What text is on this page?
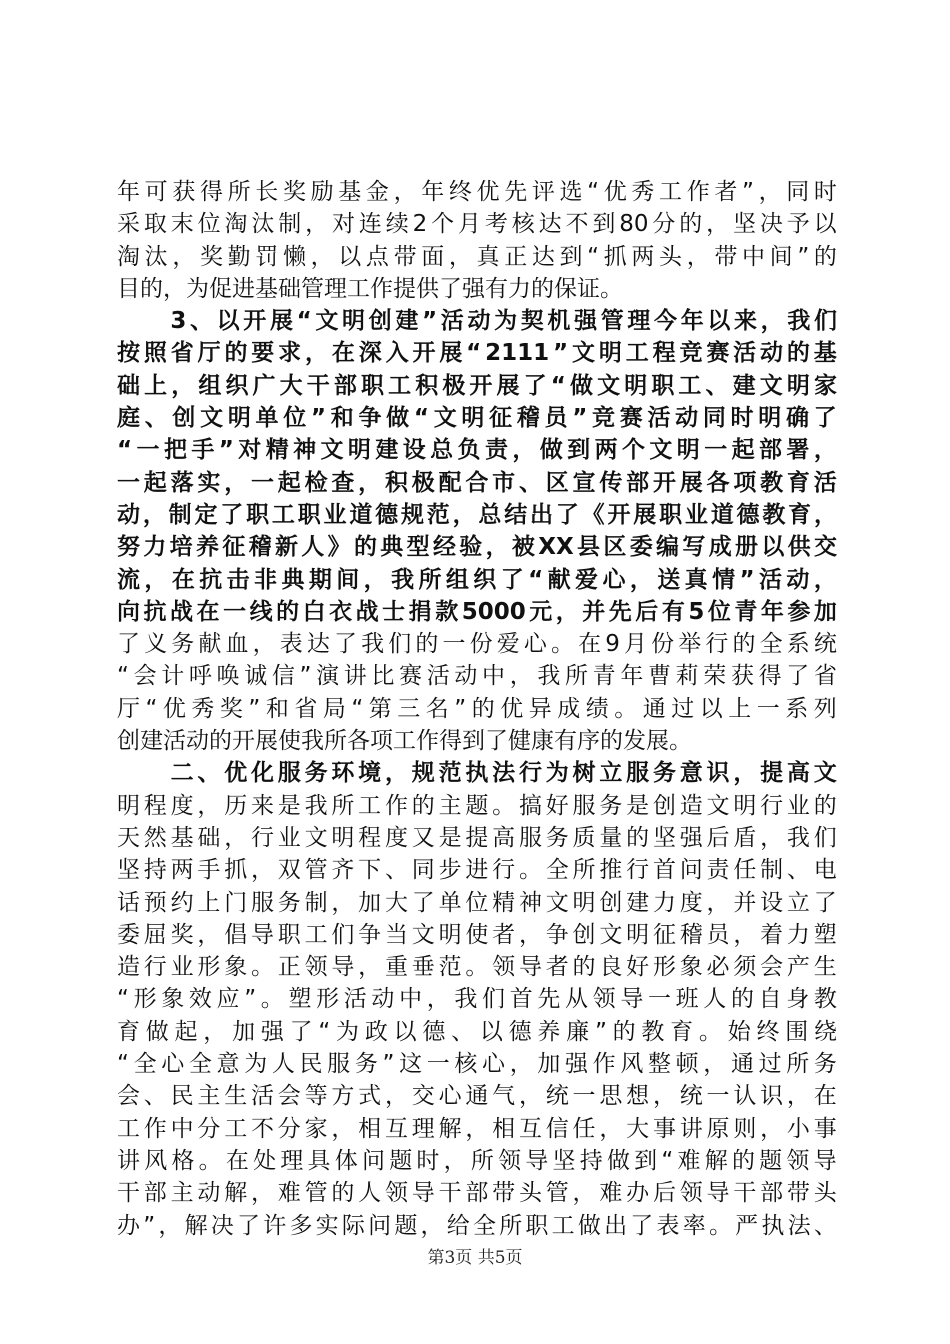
年 可 获 得 所 长 奖 励 基 金 ， 年 终 优 先 评 选 “ 优 秀 工 作 者 ” ， 同 时
采 取 末 位 淘 汰 制 ， 对 连 续 2 个 月 考 核 达 不 到 80 分 的 ， 坚 决 予 以
淘 汰 ， 奖 勤 罚 懒 ， 以 点 带 面 ， 真 正 达 到 “ 抓 两 头 ， 带 中 间 ” 的
目的，为促进基础管理工作提供了强有力的保证。

3 、 以 开 展 “ 文 明 创 建 ” 活 动 为 契 机 强 管 理 今 年 以 来 ， 我 们
按 照 省 厅 的 要 求 ， 在 深 入 开 展 “ 2111 ” 文 明 工 程 竞 赛 活 动 的 基
础 上 ， 组 织 广 大 干 部 职 工 积 极 开 展 了 “ 做 文 明 职 工 、 建 文 明 家
庭 、 创 文 明 单 位 ” 和 争 做 “ 文 明 征 稽 员 ” 竞 赛 活 动 同 时 明 确 了
“ 一 把 手 ” 对 精 神 文 明 建 设 总 负 责 ， 做 到 两 个 文 明 一 起 部 署 ，
一 起 落 实 ， 一 起 检 查 ， 积 极 配 合 市 、 区 宣 传 部 开 展 各 项 教 育 活
动 ， 制 定 了 职 工 职 业 道 德 规 范 ， 总 结 出 了 《 开 展 职 业 道 德 教 育 ，
努 力 培 养 征 稽 新 人 》 的 典 型 经 验 ， 被 XX 县 区 委 编 写 成 册 以 供 交
流 ， 在 抗 击 非 典 期 间 ， 我 所 组 织 了 “ 献 爱 心 ， 送 真 情 ” 活 动 ，
向 抗 战 在 一 线 的 白 衣 战 士 捐 款 5000 元 ， 并 先 后 有 5 位 青 年 参 加
了 义 务 献 血 ， 表 达 了 我 们 的 一 份 爱 心 。 在 9 月 份 举 行 的 全 系 统
“ 会 计 呼 唤 诚 信 ” 演 讲 比 赛 活 动 中 ， 我 所 青 年 曹 莉 荣 获 得 了 省
厅 “ 优 秀 奖 ” 和 省 局 “ 第 三 名 ” 的 优 异 成 绩 。 通 过 以 上 一 系 列
创建活动的开展使我所各项工作得到了健康有序的发展。

二 、 优 化 服 务 环 境 ， 规 范 执 法 行 为 树 立 服 务 意 识 ， 提 高 文
明 程 度 ， 历 来 是 我 所 工 作 的 主 题 。 搞 好 服 务 是 创 造 文 明 行 业 的
天 然 基 础 ， 行 业 文 明 程 度 又 是 提 高 服 务 质 量 的 坚 强 后 盾 ， 我 们
坚 持 两 手 抓 ， 双 管 齐 下 、 同 步 进 行 。 全 所 推 行 首 问 责 任 制 、 电
话 预 约 上 门 服 务 制 ， 加 大 了 单 位 精 神 文 明 创 建 力 度 ， 并 设 立 了
委 屈 奖 ， 倡 导 职 工 们 争 当 文 明 使 者 ， 争 创 文 明 征 稽 员 ， 着 力 塑
造 行 业 形 象 。 正 领 导 ， 重 垂 范 。 领 导 者 的 良 好 形 象 必 须 会 产 生
“ 形 象 效 应 ” 。 塑 形 活 动 中 ， 我 们 首 先 从 领 导 一 班 人 的 自 身 教
育 做 起 ， 加 强 了 “ 为 政 以 德 、 以 德 养 廉 ” 的 教 育 。 始 终 围 绕
“ 全 心 全 意 为 人 民 服 务 ” 这 一 核 心 ， 加 强 作 风 整 顿 ， 通 过 所 务
会 、 民 主 生 活 会 等 方 式 ， 交 心 通 气 ， 统 一 思 想 ， 统 一 认 识 ， 在
工 作 中 分 工 不 分 家 ， 相 互 理 解 ， 相 互 信 任 ， 大 事 讲 原 则 ， 小 事
讲 风 格 。 在 处 理 具 体 问 题 时 ， 所 领 导 坚 持 做 到 “ 难 解 的 题 领 导
干 部 主 动 解 ， 难 管 的 人 领 导 干 部 带 头 管 ， 难 办 后 领 导 干 部 带 头
办 ” ， 解 决 了 许 多 实 际 问 题 ， 给 全 所 职 工 做 出 了 表 率 。 严 执 法 、
第3页 共5页
